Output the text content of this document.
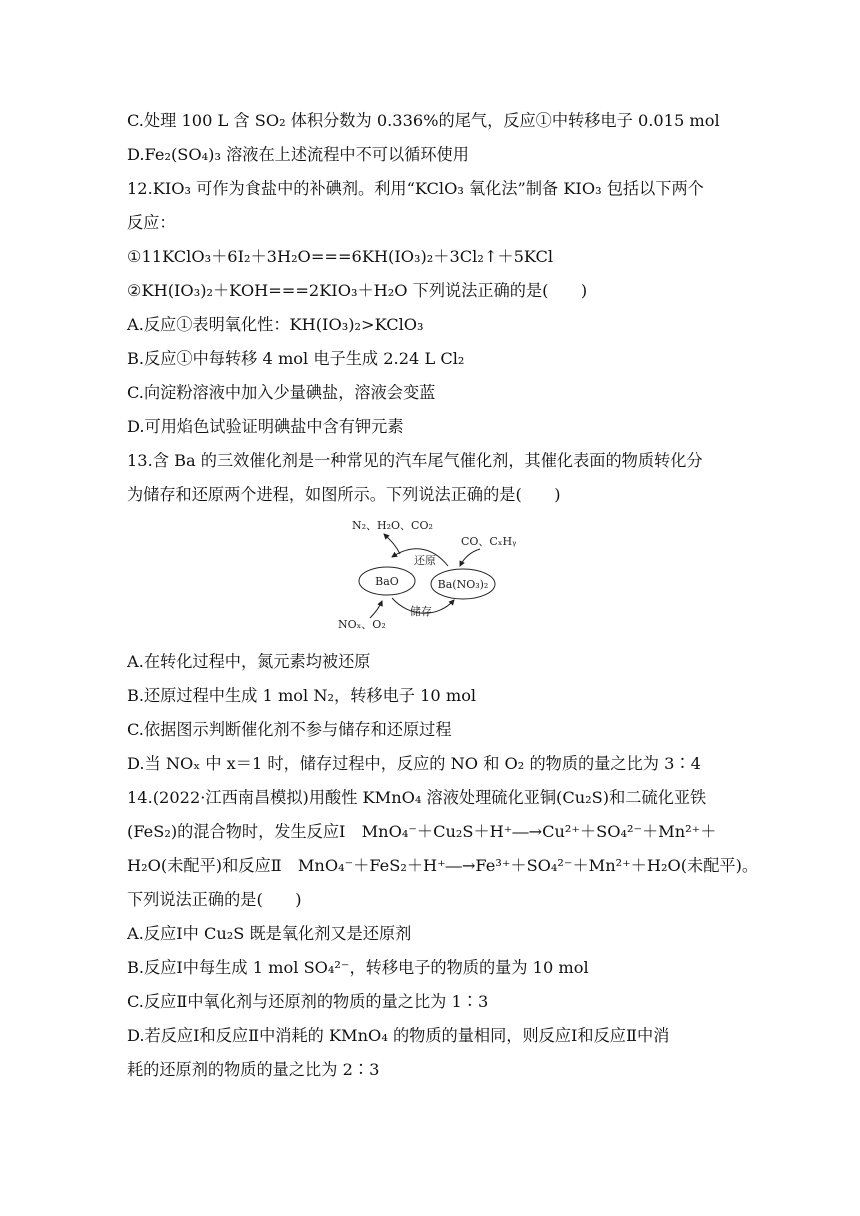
C.处理 100 L 含 SO₂ 体积分数为 0.336%的尾气，反应①中转移电子 0.015 mol
D.Fe₂(SO₄)₃ 溶液在上述流程中不可以循环使用
12.KIO₃ 可作为食盐中的补碘剂。利用“KClO₃ 氧化法”制备 KIO₃ 包括以下两个
反应：
①11KClO₃＋6I₂＋3H₂O===6KH(IO₃)₂＋3Cl₂↑＋5KCl
②KH(IO₃)₂＋KOH===2KIO₃＋H₂O 下列说法正确的是(　　)
A.反应①表明氧化性：KH(IO₃)₂>KClO₃
B.反应①中每转移 4 mol 电子生成 2.24 L Cl₂
C.向淀粉溶液中加入少量碘盐，溶液会变蓝
D.可用焰色试验证明碘盐中含有钾元素
13.含 Ba 的三效催化剂是一种常见的汽车尾气催化剂，其催化表面的物质转化分
为储存和还原两个进程，如图所示。下列说法正确的是(　　)
N₂、H₂O、CO₂
CO、CₓHᵧ
还原
BaO	Ba(NO₃)₂
储存
NOₓ、O₂
A.在转化过程中，氮元素均被还原
B.还原过程中生成 1 mol N₂，转移电子 10 mol
C.依据图示判断催化剂不参与储存和还原过程
D.当 NOₓ 中 x＝1 时，储存过程中，反应的 NO 和 O₂ 的物质的量之比为 3∶4
14.(2022·江西南昌模拟)用酸性 KMnO₄ 溶液处理硫化亚铜(Cu₂S)和二硫化亚铁
(FeS₂)的混合物时，发生反应Ⅰ　MnO₄⁻＋Cu₂S＋H⁺―→Cu²⁺＋SO₄²⁻＋Mn²⁺＋
H₂O(未配平)和反应Ⅱ　MnO₄⁻＋FeS₂＋H⁺―→Fe³⁺＋SO₄²⁻＋Mn²⁺＋H₂O(未配平)。
下列说法正确的是(　　)
A.反应Ⅰ中 Cu₂S 既是氧化剂又是还原剂
B.反应Ⅰ中每生成 1 mol SO₄²⁻，转移电子的物质的量为 10 mol
C.反应Ⅱ中氧化剂与还原剂的物质的量之比为 1∶3
D.若反应Ⅰ和反应Ⅱ中消耗的 KMnO₄ 的物质的量相同，则反应Ⅰ和反应Ⅱ中消
耗的还原剂的物质的量之比为 2∶3
